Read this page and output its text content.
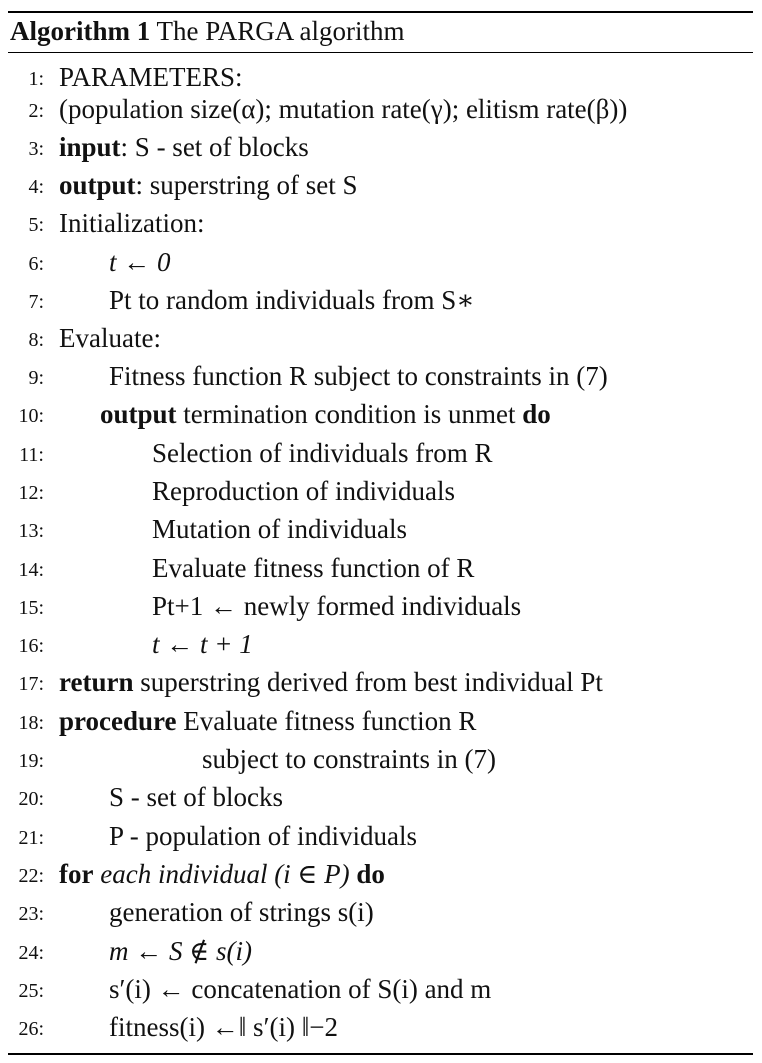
Algorithm 1 The PARGA algorithm
1: PARAMETERS:
2: (population size(α); mutation rate(γ); elitism rate(β))
3: input: S - set of blocks
4: output: superstring of set S
5: Initialization:
6: t ← 0
7: Pt to random individuals from S∗
8: Evaluate:
9: Fitness function R subject to constraints in (7)
10: output termination condition is unmet do
11:	Selection of individuals from R
12:	Reproduction of individuals
13:	Mutation of individuals
14:	Evaluate fitness function of R
15:	Pt+1 ← newly formed individuals
16:	t ← t + 1
17: return superstring derived from best individual Pt
18: procedure Evaluate fitness function R
19:	subject to constraints in (7)
20: S - set of blocks
21: P - population of individuals
22: for each individual (i ∈ P) do
23: generation of strings s(i)
24: m ← S ∉ s(i)
25: s′(i) ← concatenation of S(i) and m
26: fitness(i) ←‖ s′(i) ‖−2
